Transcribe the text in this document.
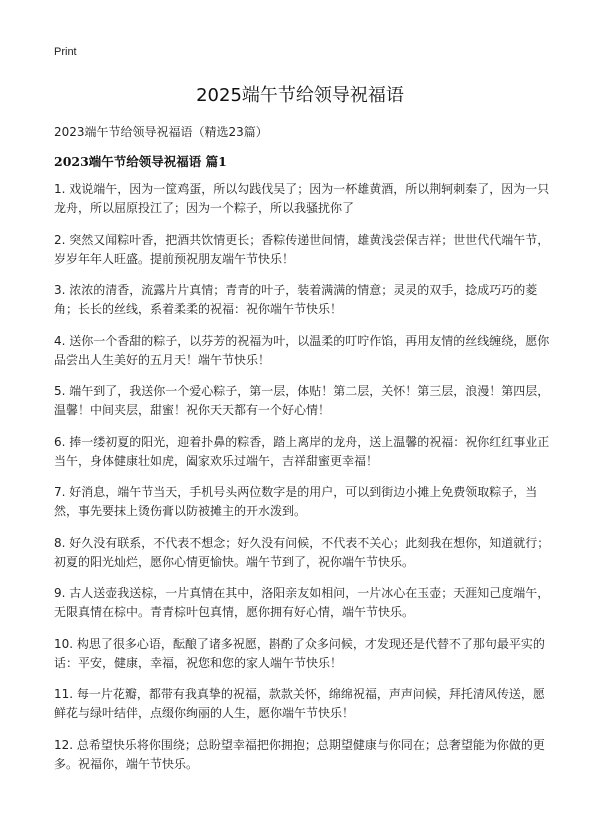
Print
2025端午节给领导祝福语
2023端午节给领导祝福语（精选23篇）
2023端午节给领导祝福语 篇1

1. 戏说端午，因为一筐鸡蛋，所以勾践伐吴了；因为一杯雄黄酒，所以荆轲刺秦了，因为一只龙舟，所以屈原投江了；因为一个粽子，所以我骚扰你了

2. 突然又闻粽叶香，把酒共饮情更长；香粽传递世间情，雄黄浅尝保吉祥；世世代代端午节，岁岁年年人旺盛。提前预祝朋友端午节快乐！

3. 浓浓的清香，流露片片真情；青青的叶子，装着满满的情意；灵灵的双手，捻成巧巧的菱角；长长的丝线，系着柔柔的祝福：祝你端午节快乐！

4. 送你一个香甜的粽子，以芬芳的祝福为叶，以温柔的叮咛作馅，再用友情的丝线缠绕，愿你品尝出人生美好的五月天！端午节快乐！

5. 端午到了，我送你一个爱心粽子，第一层，体贴！第二层，关怀！第三层，浪漫！第四层，温馨！中间夹层，甜蜜！祝你天天都有一个好心情！

6. 捧一缕初夏的阳光，迎着扑鼻的粽香，踏上离岸的龙舟，送上温馨的祝福：祝你红红事业正当午，身体健康壮如虎，阖家欢乐过端午，吉祥甜蜜更幸福！

7. 好消息，端午节当天，手机号头两位数字是的用户，可以到街边小摊上免费领取粽子，当然，事先要抹上烫伤膏以防被摊主的开水泼到。

8. 好久没有联系，不代表不想念；好久没有问候，不代表不关心；此刻我在想你，知道就行；初夏的阳光灿烂，愿你心情更愉快。端午节到了，祝你端午节快乐。

9. 古人送壶我送棕，一片真情在其中，洛阳亲友如相问，一片冰心在玉壶；天涯知己度端午，无限真情在棕中。青青棕叶包真情，愿你拥有好心情，端午节快乐。

10. 构思了很多心语，酝酿了诸多祝愿，斟酌了众多问候，才发现还是代替不了那句最平实的话：平安，健康，幸福，祝您和您的家人端午节快乐！

11. 每一片花瓣，都带有我真挚的祝福，款款关怀，绵绵祝福，声声问候，拜托清风传送，愿鲜花与绿叶结伴，点缀你绚丽的人生，愿你端午节快乐！

12. 总希望快乐将你围绕；总盼望幸福把你拥抱；总期望健康与你同在；总奢望能为你做的更多。祝福你，端午节快乐。
